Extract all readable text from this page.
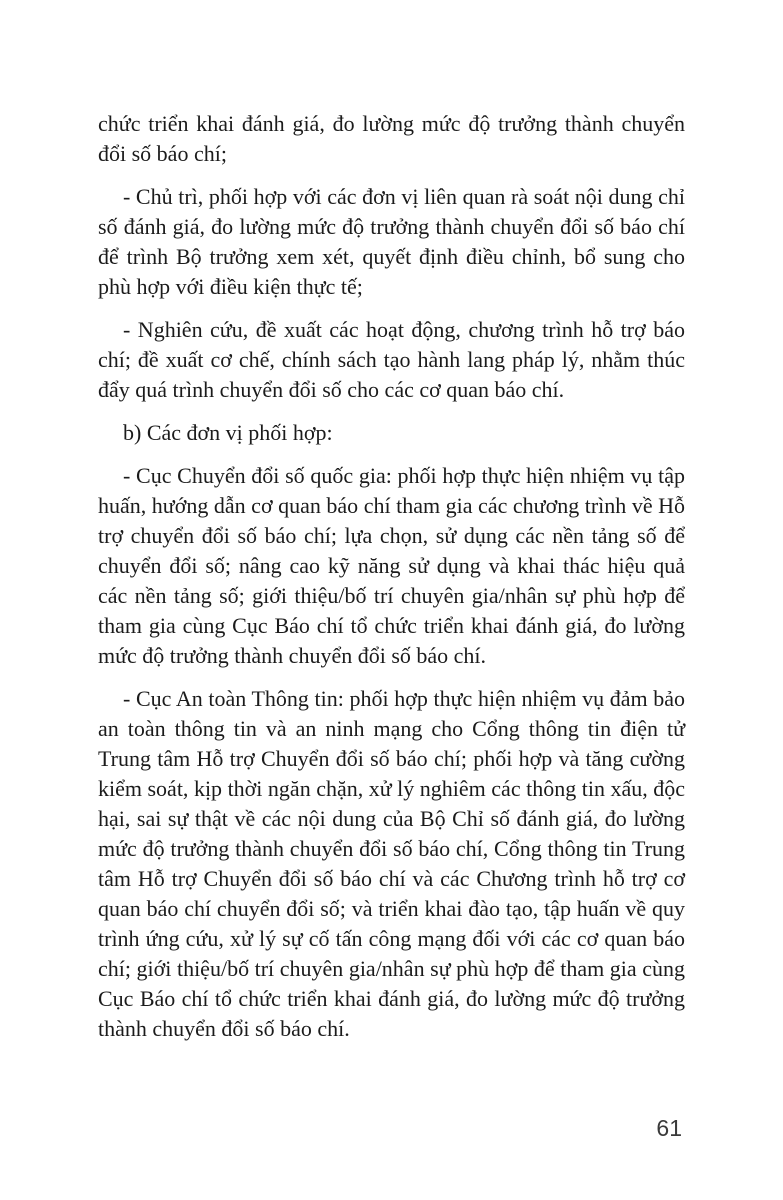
chức triển khai đánh giá, đo lường mức độ trưởng thành chuyển đổi số báo chí;

- Chủ trì, phối hợp với các đơn vị liên quan rà soát nội dung chỉ số đánh giá, đo lường mức độ trưởng thành chuyển đổi số báo chí để trình Bộ trưởng xem xét, quyết định điều chỉnh, bổ sung cho phù hợp với điều kiện thực tế;

- Nghiên cứu, đề xuất các hoạt động, chương trình hỗ trợ báo chí; đề xuất cơ chế, chính sách tạo hành lang pháp lý, nhằm thúc đẩy quá trình chuyển đổi số cho các cơ quan báo chí.

b) Các đơn vị phối hợp:

- Cục Chuyển đổi số quốc gia: phối hợp thực hiện nhiệm vụ tập huấn, hướng dẫn cơ quan báo chí tham gia các chương trình về Hỗ trợ chuyển đổi số báo chí; lựa chọn, sử dụng các nền tảng số để chuyển đổi số; nâng cao kỹ năng sử dụng và khai thác hiệu quả các nền tảng số; giới thiệu/bố trí chuyên gia/nhân sự phù hợp để tham gia cùng Cục Báo chí tổ chức triển khai đánh giá, đo lường mức độ trưởng thành chuyển đổi số báo chí.

- Cục An toàn Thông tin: phối hợp thực hiện nhiệm vụ đảm bảo an toàn thông tin và an ninh mạng cho Cổng thông tin điện tử Trung tâm Hỗ trợ Chuyển đổi số báo chí; phối hợp và tăng cường kiểm soát, kịp thời ngăn chặn, xử lý nghiêm các thông tin xấu, độc hại, sai sự thật về các nội dung của Bộ Chỉ số đánh giá, đo lường mức độ trưởng thành chuyển đổi số báo chí, Cổng thông tin Trung tâm Hỗ trợ Chuyển đổi số báo chí và các Chương trình hỗ trợ cơ quan báo chí chuyển đổi số; và triển khai đào tạo, tập huấn về quy trình ứng cứu, xử lý sự cố tấn công mạng đối với các cơ quan báo chí; giới thiệu/bố trí chuyên gia/nhân sự phù hợp để tham gia cùng Cục Báo chí tổ chức triển khai đánh giá, đo lường mức độ trưởng thành chuyển đổi số báo chí.

61
